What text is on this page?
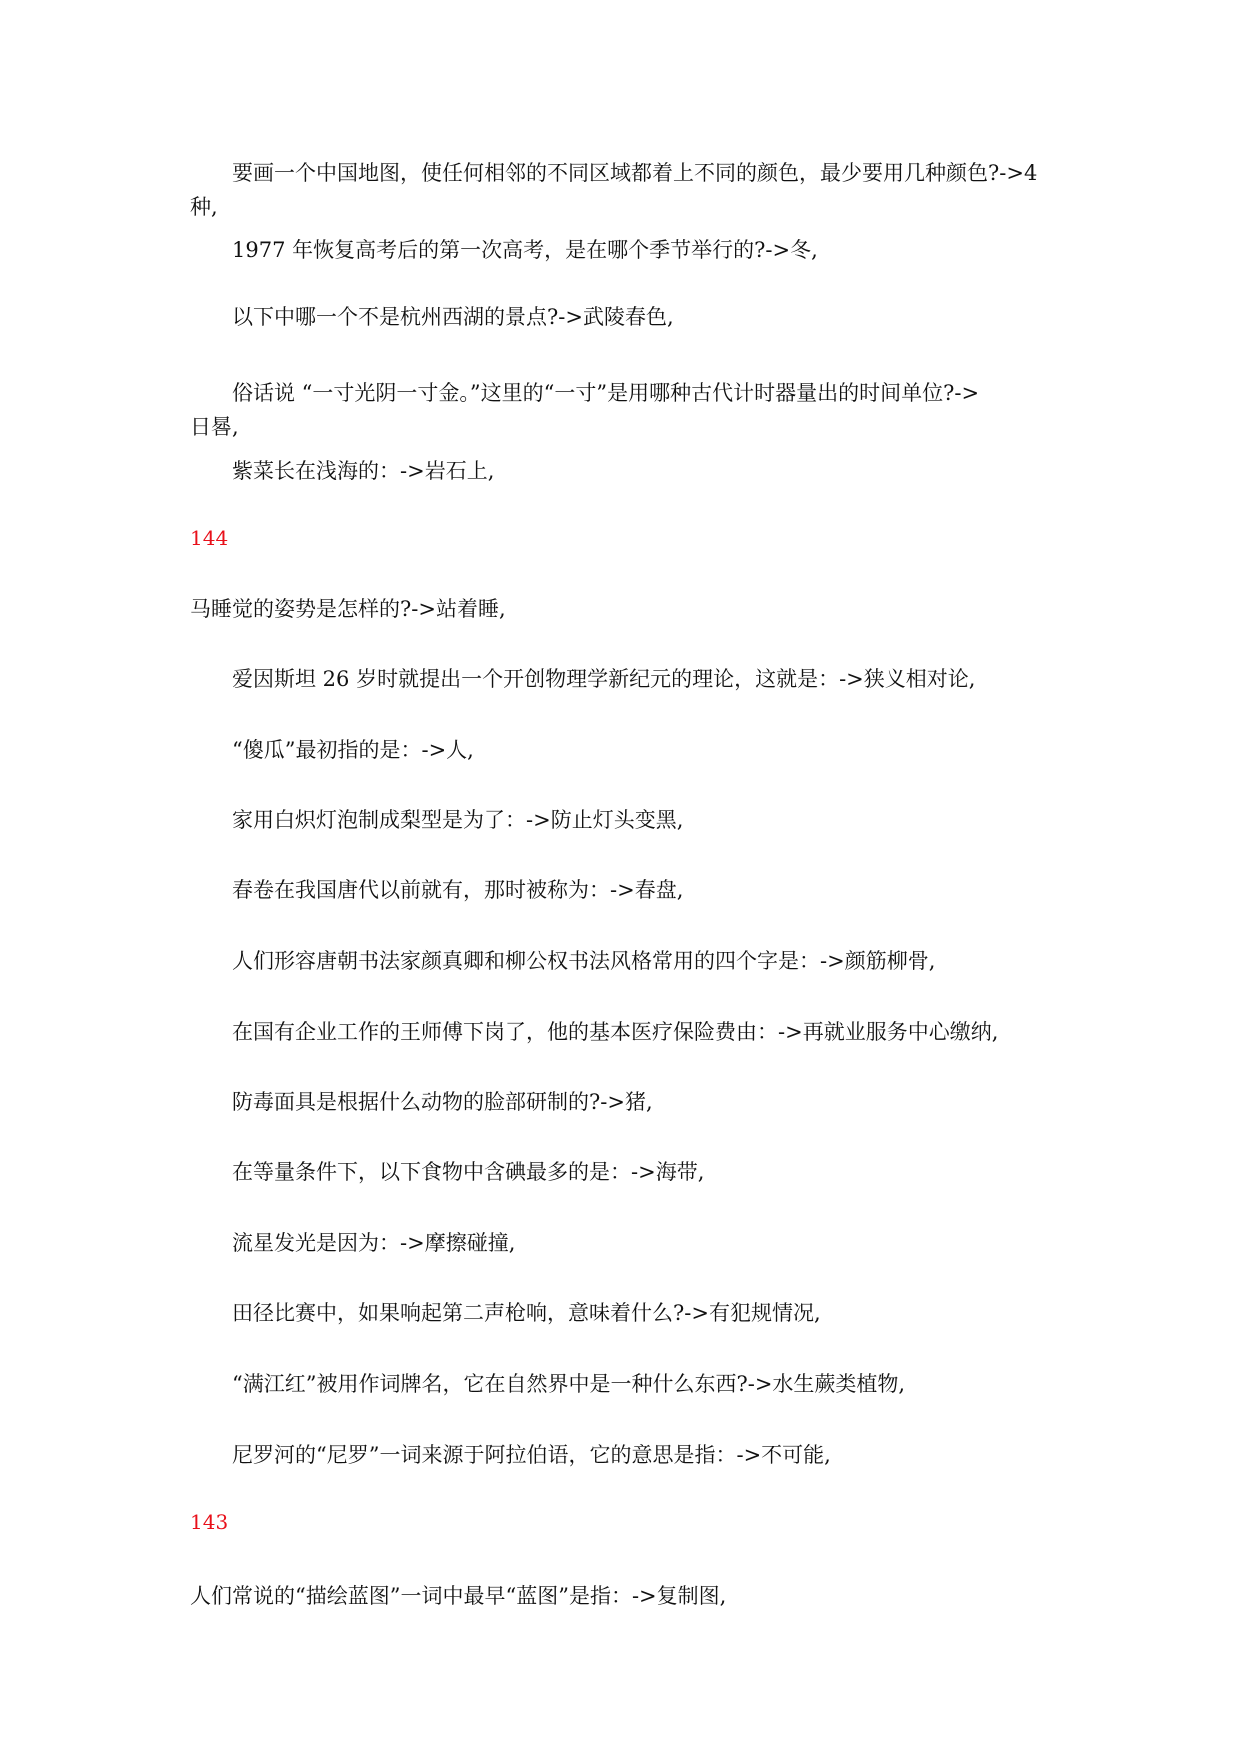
要画一个中国地图，使任何相邻的不同区域都着上不同的颜色，最少要用几种颜色?->4
种,
1977 年恢复高考后的第一次高考，是在哪个季节举行的?->冬,
以下中哪一个不是杭州西湖的景点?->武陵春色,
俗话说 “一寸光阴一寸金。”这里的“一寸”是用哪种古代计时器量出的时间单位?->
日晷,
紫菜长在浅海的：->岩石上,
144
马睡觉的姿势是怎样的?->站着睡,
爱因斯坦 26 岁时就提出一个开创物理学新纪元的理论，这就是：->狭义相对论,
“傻瓜”最初指的是：->人,
家用白炽灯泡制成梨型是为了：->防止灯头变黑,
春卷在我国唐代以前就有，那时被称为：->春盘,
人们形容唐朝书法家颜真卿和柳公权书法风格常用的四个字是：->颜筋柳骨,
在国有企业工作的王师傅下岗了，他的基本医疗保险费由：->再就业服务中心缴纳,
防毒面具是根据什么动物的脸部研制的?->猪,
在等量条件下，以下食物中含碘最多的是：->海带,
流星发光是因为：->摩擦碰撞,
田径比赛中，如果响起第二声枪响，意味着什么?->有犯规情况,
“满江红”被用作词牌名，它在自然界中是一种什么东西?->水生蕨类植物,
尼罗河的“尼罗”一词来源于阿拉伯语，它的意思是指：->不可能,
143
人们常说的“描绘蓝图”一词中最早“蓝图”是指：->复制图,
